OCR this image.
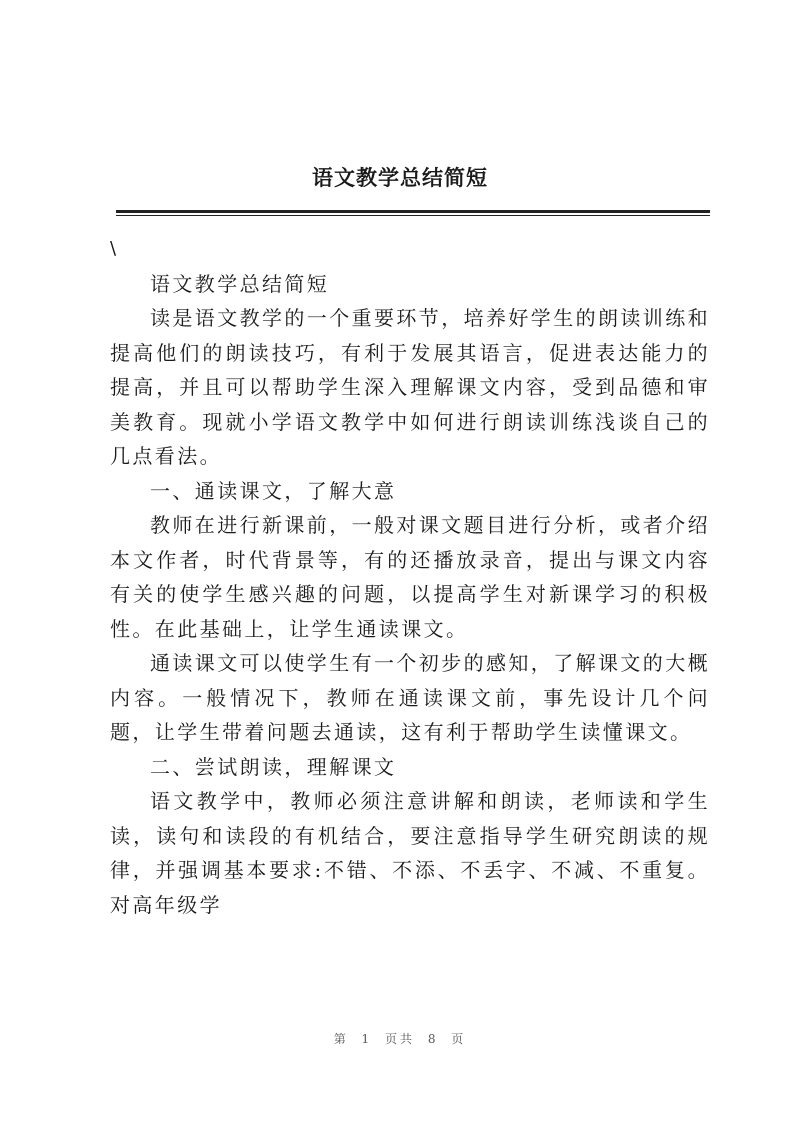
语文教学总结简短

\

语文教学总结简短

读是语文教学的一个重要环节，培养好学生的朗读训练和提高他们的朗读技巧，有利于发展其语言，促进表达能力的提高，并且可以帮助学生深入理解课文内容，受到品德和审美教育。现就小学语文教学中如何进行朗读训练浅谈自己的几点看法。

一、通读课文，了解大意

教师在进行新课前，一般对课文题目进行分析，或者介绍本文作者，时代背景等，有的还播放录音，提出与课文内容有关的使学生感兴趣的问题，以提高学生对新课学习的积极性。在此基础上，让学生通读课文。

通读课文可以使学生有一个初步的感知，了解课文的大概内容。一般情况下，教师在通读课文前，事先设计几个问题，让学生带着问题去通读，这有利于帮助学生读懂课文。

二、尝试朗读，理解课文

语文教学中，教师必须注意讲解和朗读，老师读和学生读，读句和读段的有机结合，要注意指导学生研究朗读的规律，并强调基本要求:不错、不添、不丢字、不减、不重复。对高年级学

第 1 页共 8 页
